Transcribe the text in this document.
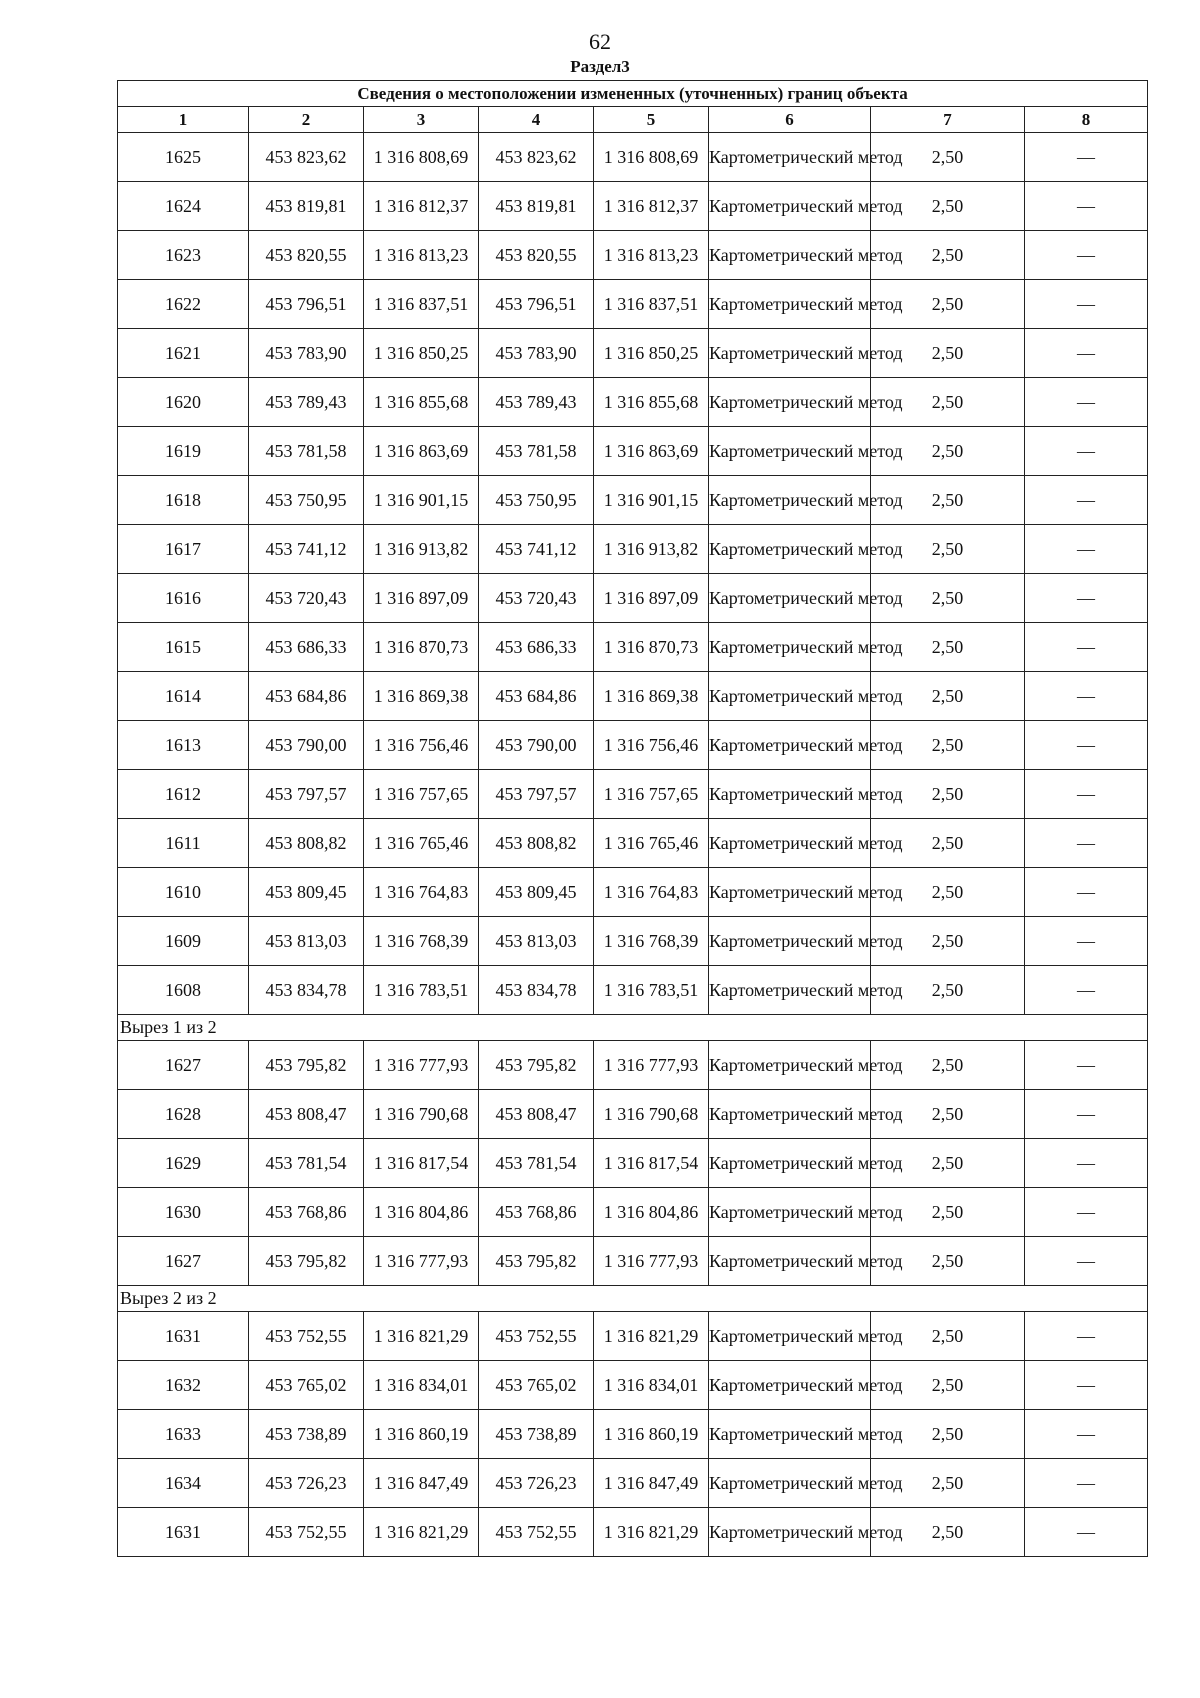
62
Раздел3
Сведения о местоположении измененных (уточненных) границ объекта							
1	2	3	4	5	6	7	8
1625	453 823,62	1 316 808,69	453 823,62	1 316 808,69	Картометрический метод	2,50	—
1624	453 819,81	1 316 812,37	453 819,81	1 316 812,37	Картометрический метод	2,50	—
1623	453 820,55	1 316 813,23	453 820,55	1 316 813,23	Картометрический метод	2,50	—
1622	453 796,51	1 316 837,51	453 796,51	1 316 837,51	Картометрический метод	2,50	—
1621	453 783,90	1 316 850,25	453 783,90	1 316 850,25	Картометрический метод	2,50	—
1620	453 789,43	1 316 855,68	453 789,43	1 316 855,68	Картометрический метод	2,50	—
1619	453 781,58	1 316 863,69	453 781,58	1 316 863,69	Картометрический метод	2,50	—
1618	453 750,95	1 316 901,15	453 750,95	1 316 901,15	Картометрический метод	2,50	—
1617	453 741,12	1 316 913,82	453 741,12	1 316 913,82	Картометрический метод	2,50	—
1616	453 720,43	1 316 897,09	453 720,43	1 316 897,09	Картометрический метод	2,50	—
1615	453 686,33	1 316 870,73	453 686,33	1 316 870,73	Картометрический метод	2,50	—
1614	453 684,86	1 316 869,38	453 684,86	1 316 869,38	Картометрический метод	2,50	—
1613	453 790,00	1 316 756,46	453 790,00	1 316 756,46	Картометрический метод	2,50	—
1612	453 797,57	1 316 757,65	453 797,57	1 316 757,65	Картометрический метод	2,50	—
1611	453 808,82	1 316 765,46	453 808,82	1 316 765,46	Картометрический метод	2,50	—
1610	453 809,45	1 316 764,83	453 809,45	1 316 764,83	Картометрический метод	2,50	—
1609	453 813,03	1 316 768,39	453 813,03	1 316 768,39	Картометрический метод	2,50	—
1608	453 834,78	1 316 783,51	453 834,78	1 316 783,51	Картометрический метод	2,50	—
Вырез 1 из 2							
1627	453 795,82	1 316 777,93	453 795,82	1 316 777,93	Картометрический метод	2,50	—
1628	453 808,47	1 316 790,68	453 808,47	1 316 790,68	Картометрический метод	2,50	—
1629	453 781,54	1 316 817,54	453 781,54	1 316 817,54	Картометрический метод	2,50	—
1630	453 768,86	1 316 804,86	453 768,86	1 316 804,86	Картометрический метод	2,50	—
1627	453 795,82	1 316 777,93	453 795,82	1 316 777,93	Картометрический метод	2,50	—
Вырез 2 из 2							
1631	453 752,55	1 316 821,29	453 752,55	1 316 821,29	Картометрический метод	2,50	—
1632	453 765,02	1 316 834,01	453 765,02	1 316 834,01	Картометрический метод	2,50	—
1633	453 738,89	1 316 860,19	453 738,89	1 316 860,19	Картометрический метод	2,50	—
1634	453 726,23	1 316 847,49	453 726,23	1 316 847,49	Картометрический метод	2,50	—
1631	453 752,55	1 316 821,29	453 752,55	1 316 821,29	Картометрический метод	2,50	—
